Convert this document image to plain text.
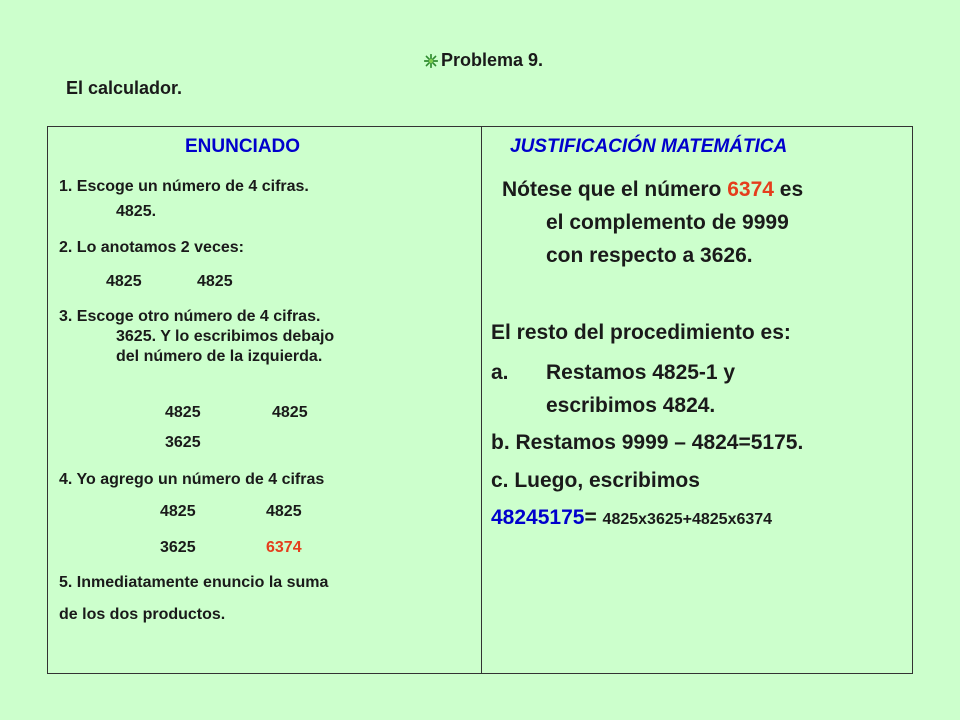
Problema 9.
El calculador.
ENUNCIADO
1. Escoge un número de 4 cifras.
4825.
2. Lo anotamos 2 veces:
4825	4825
3. Escoge otro número de 4 cifras.
3625. Y lo escribimos debajo
del número de la izquierda.
4825	4825
3625
4. Yo agrego un número de 4 cifras
4825	4825
3625	6374
5. Inmediatamente enuncio la suma
de los dos productos.
JUSTIFICACIÓN MATEMÁTICA
Nótese que el número 6374 es
el complemento de 9999
con respecto a 3626.
El resto del procedimiento es:
a. Restamos 4825-1 y
escribimos 4824.
b. Restamos 9999 – 4824=5175.
c. Luego, escribimos
48245175= 4825x3625+4825x6374
